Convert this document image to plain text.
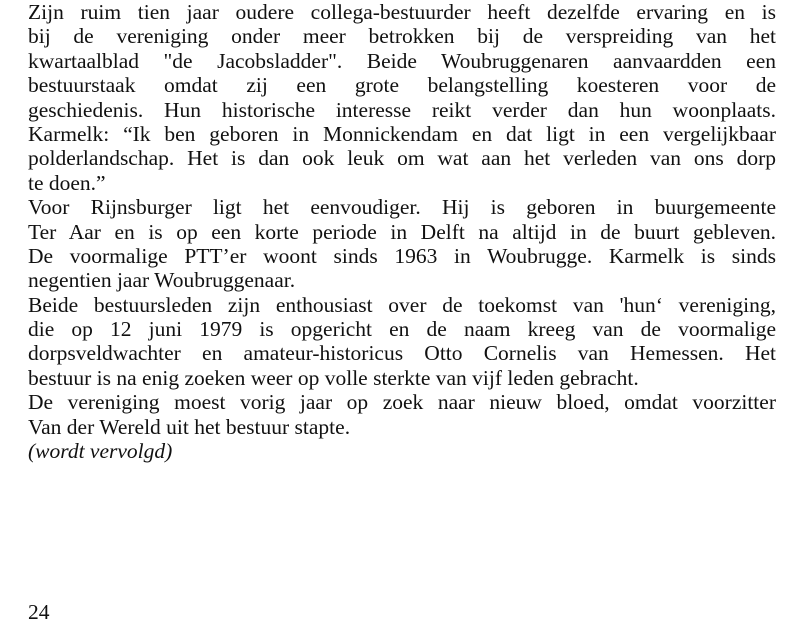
Zijn ruim tien jaar oudere collega-bestuurder heeft dezelfde ervaring en is
bij de vereniging onder meer betrokken bij de verspreiding van het
kwartaalblad "de Jacobsladder". Beide Woubruggenaren aanvaardden een
bestuurstaak omdat zij een grote belangstelling koesteren voor de
geschiedenis. Hun historische interesse reikt verder dan hun woonplaats.
Karmelk: “Ik ben geboren in Monnickendam en dat ligt in een vergelijkbaar
polderlandschap. Het is dan ook leuk om wat aan het verleden van ons dorp
te doen.”
Voor Rijnsburger ligt het eenvoudiger. Hij is geboren in buurgemeente
Ter Aar en is op een korte periode in Delft na altijd in de buurt gebleven.
De voormalige PTT’er woont sinds 1963 in Woubrugge. Karmelk is sinds
negentien jaar Woubruggenaar.
Beide bestuursleden zijn enthousiast over de toekomst van 'hun‘ vereniging,
die op 12 juni 1979 is opgericht en de naam kreeg van de voormalige
dorpsveldwachter en amateur-historicus Otto Cornelis van Hemessen. Het
bestuur is na enig zoeken weer op volle sterkte van vijf leden gebracht.
De vereniging moest vorig jaar op zoek naar nieuw bloed, omdat voorzitter
Van der Wereld uit het bestuur stapte.
(wordt vervolgd)
24
